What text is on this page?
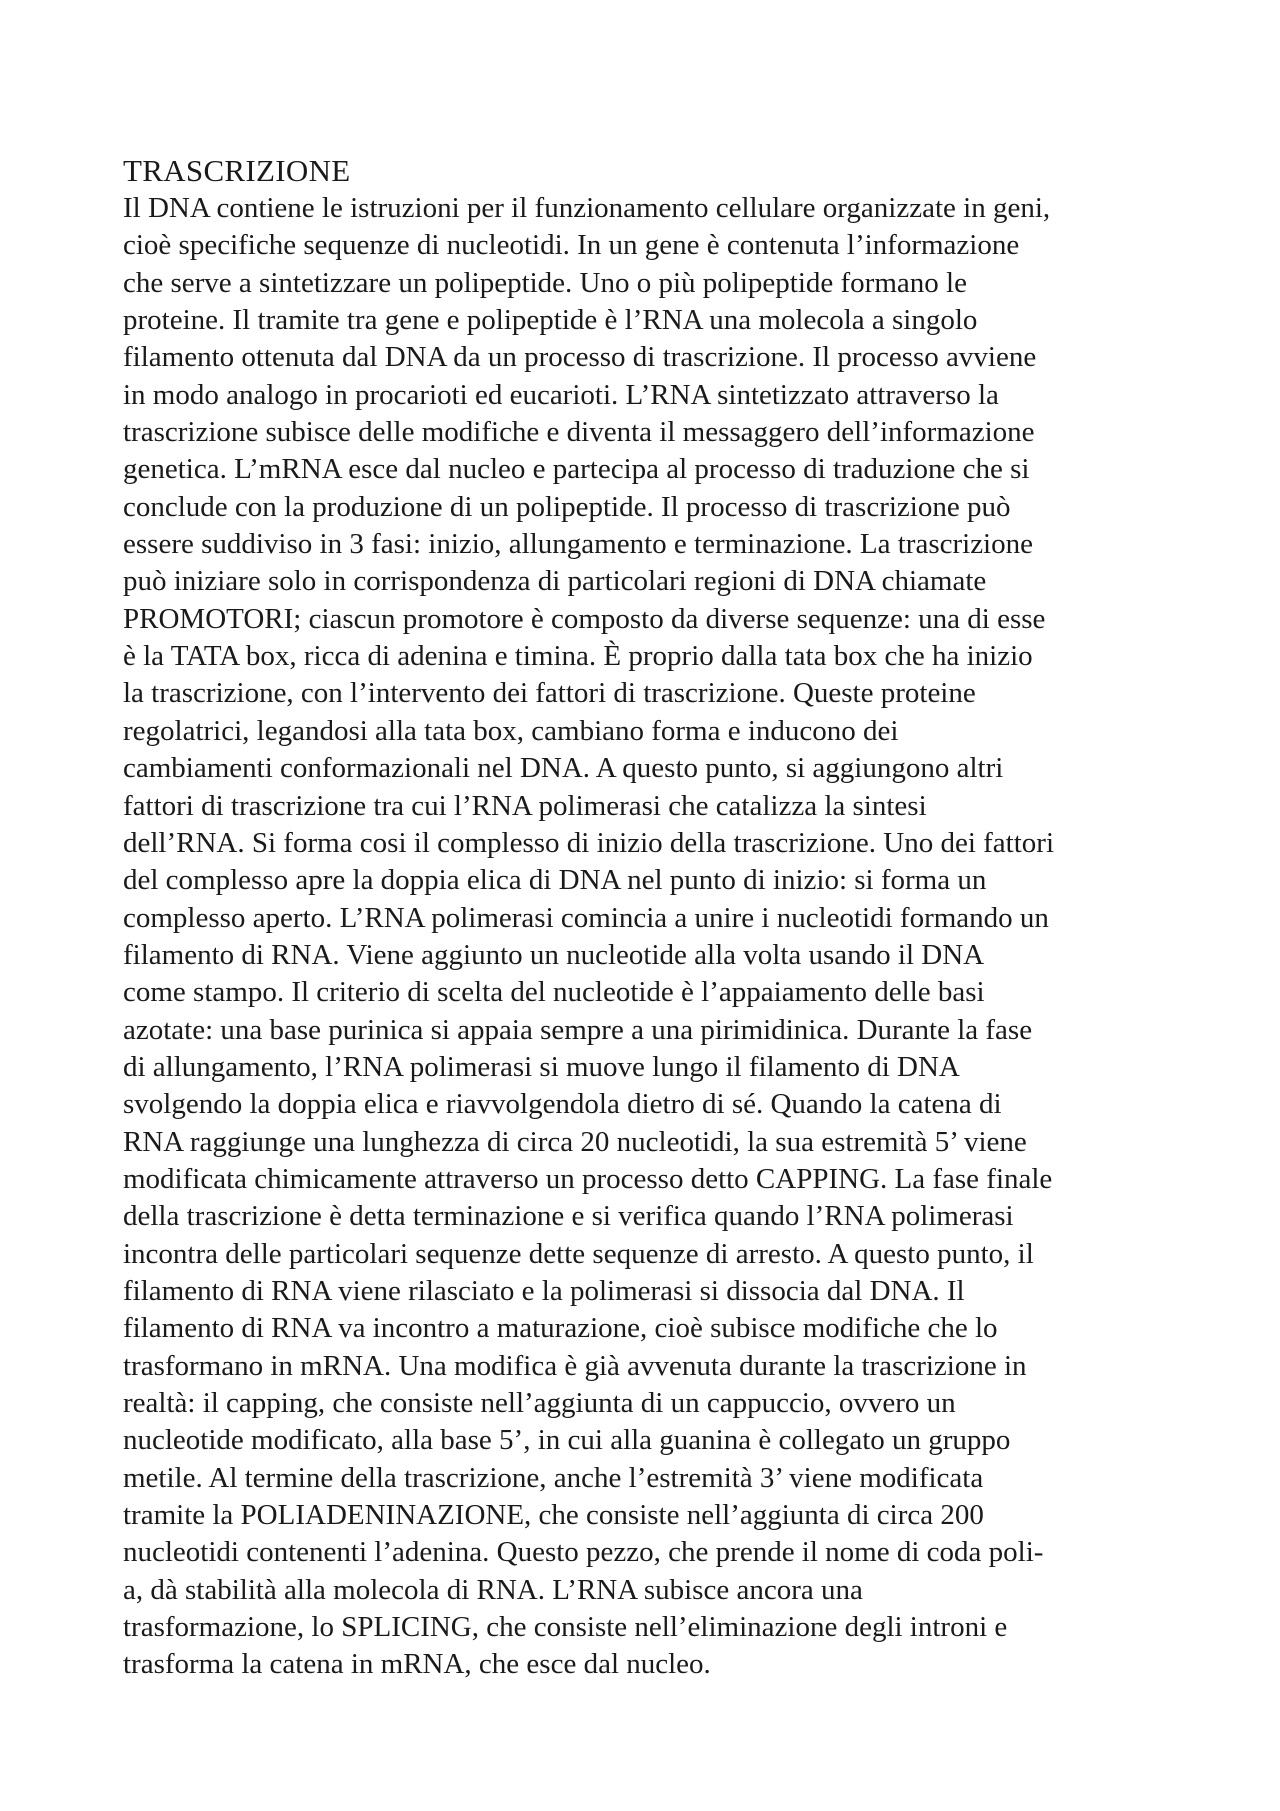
TRASCRIZIONE

Il DNA contiene le istruzioni per il funzionamento cellulare organizzate in geni,
cioè specifiche sequenze di nucleotidi. In un gene è contenuta l’informazione
che serve a sintetizzare un polipeptide. Uno o più polipeptide formano le
proteine. Il tramite tra gene e polipeptide è l’RNA una molecola a singolo
filamento ottenuta dal DNA da un processo di trascrizione. Il processo avviene
in modo analogo in procarioti ed eucarioti. L’RNA sintetizzato attraverso la
trascrizione subisce delle modifiche e diventa il messaggero dell’informazione
genetica. L’mRNA esce dal nucleo e partecipa al processo di traduzione che si
conclude con la produzione di un polipeptide. Il processo di trascrizione può
essere suddiviso in 3 fasi: inizio, allungamento e terminazione. La trascrizione
può iniziare solo in corrispondenza di particolari regioni di DNA chiamate
PROMOTORI; ciascun promotore è composto da diverse sequenze: una di esse
è la TATA box, ricca di adenina e timina. È proprio dalla tata box che ha inizio
la trascrizione, con l’intervento dei fattori di trascrizione. Queste proteine
regolatrici, legandosi alla tata box, cambiano forma e inducono dei
cambiamenti conformazionali nel DNA. A questo punto, si aggiungono altri
fattori di trascrizione tra cui l’RNA polimerasi che catalizza la sintesi
dell’RNA. Si forma cosi il complesso di inizio della trascrizione. Uno dei fattori
del complesso apre la doppia elica di DNA nel punto di inizio: si forma un
complesso aperto. L’RNA polimerasi comincia a unire i nucleotidi formando un
filamento di RNA. Viene aggiunto un nucleotide alla volta usando il DNA
come stampo. Il criterio di scelta del nucleotide è l’appaiamento delle basi
azotate: una base purinica si appaia sempre a una pirimidinica. Durante la fase
di allungamento, l’RNA polimerasi si muove lungo il filamento di DNA
svolgendo la doppia elica e riavvolgendola dietro di sé. Quando la catena di
RNA raggiunge una lunghezza di circa 20 nucleotidi, la sua estremità 5’ viene
modificata chimicamente attraverso un processo detto CAPPING. La fase finale
della trascrizione è detta terminazione e si verifica quando l’RNA polimerasi
incontra delle particolari sequenze dette sequenze di arresto. A questo punto, il
filamento di RNA viene rilasciato e la polimerasi si dissocia dal DNA. Il
filamento di RNA va incontro a maturazione, cioè subisce modifiche che lo
trasformano in mRNA. Una modifica è già avvenuta durante la trascrizione in
realtà: il capping, che consiste nell’aggiunta di un cappuccio, ovvero un
nucleotide modificato, alla base 5’, in cui alla guanina è collegato un gruppo
metile. Al termine della trascrizione, anche l’estremità 3’ viene modificata
tramite la POLIADENINAZIONE, che consiste nell’aggiunta di circa 200
nucleotidi contenenti l’adenina. Questo pezzo, che prende il nome di coda poli-
a, dà stabilità alla molecola di RNA. L’RNA subisce ancora una
trasformazione, lo SPLICING, che consiste nell’eliminazione degli introni e
trasforma la catena in mRNA, che esce dal nucleo.
